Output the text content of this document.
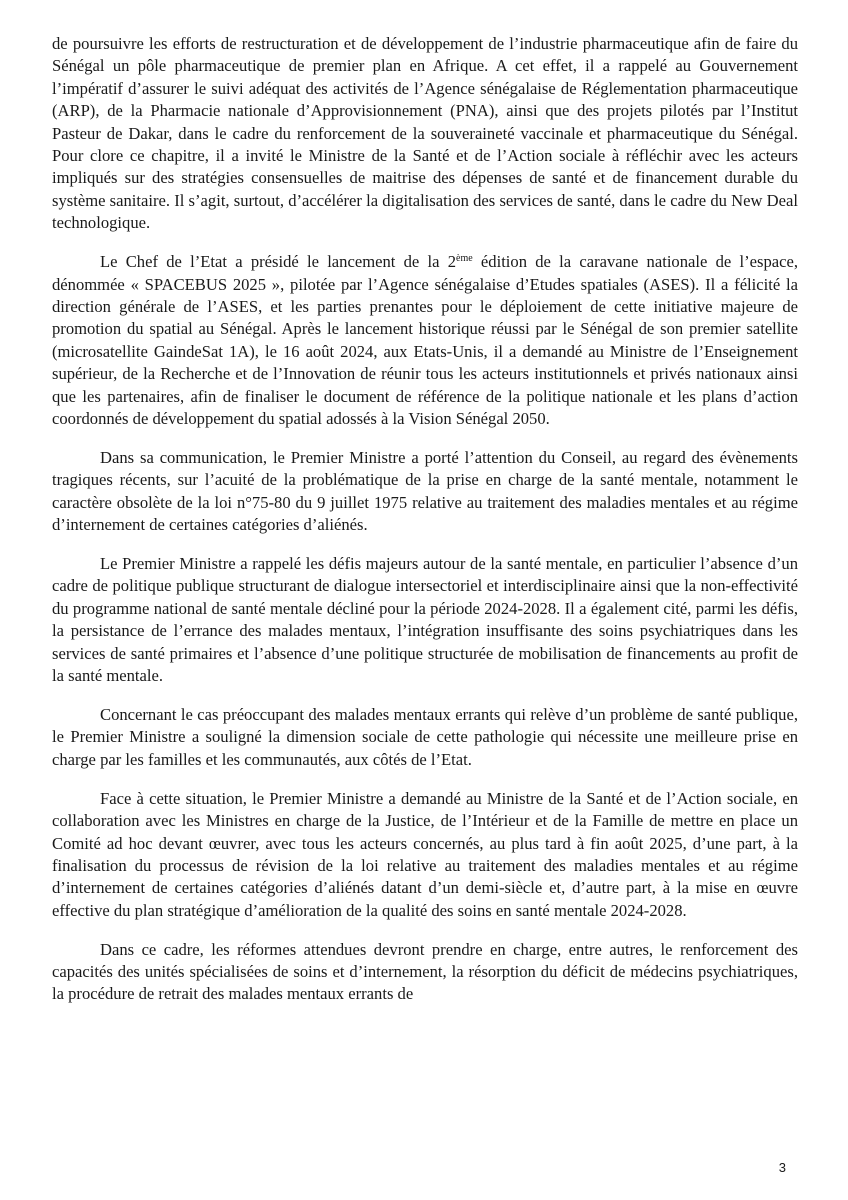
de poursuivre les efforts de restructuration et de développement de l’industrie pharmaceutique afin de faire du Sénégal un pôle pharmaceutique de premier plan en Afrique. A cet effet, il a rappelé au Gouvernement l’impératif d’assurer le suivi adéquat des activités de l’Agence sénégalaise de Réglementation pharmaceutique (ARP), de la Pharmacie nationale d’Approvisionnement (PNA), ainsi que des projets pilotés par l’Institut Pasteur de Dakar, dans le cadre du renforcement de la souveraineté vaccinale et pharmaceutique du Sénégal. Pour clore ce chapitre, il a invité le Ministre de la Santé et de l’Action sociale à réfléchir avec les acteurs impliqués sur des stratégies consensuelles de maitrise des dépenses de santé et de financement durable du système sanitaire. Il s’agit, surtout, d’accélérer la digitalisation des services de santé, dans le cadre du New Deal technologique.

Le Chef de l’Etat a présidé le lancement de la 2ème édition de la caravane nationale de l’espace, dénommée « SPACEBUS 2025 », pilotée par l’Agence sénégalaise d’Etudes spatiales (ASES). Il a félicité la direction générale de l’ASES, et les parties prenantes pour le déploiement de cette initiative majeure de promotion du spatial au Sénégal. Après le lancement historique réussi par le Sénégal de son premier satellite (microsatellite GaindeSat 1A), le 16 août 2024, aux Etats-Unis, il a demandé au Ministre de l’Enseignement supérieur, de la Recherche et de l’Innovation de réunir tous les acteurs institutionnels et privés nationaux ainsi que les partenaires, afin de finaliser le document de référence de la politique nationale et les plans d’action coordonnés de développement du spatial adossés à la Vision Sénégal 2050.

Dans sa communication, le Premier Ministre a porté l’attention du Conseil, au regard des évènements tragiques récents, sur l’acuité de la problématique de la prise en charge de la santé mentale, notamment le caractère obsolète de la loi n°75-80 du 9 juillet 1975 relative au traitement des maladies mentales et au régime d’internement de certaines catégories d’aliénés.

Le Premier Ministre a rappelé les défis majeurs autour de la santé mentale, en particulier l’absence d’un cadre de politique publique structurant de dialogue intersectoriel et interdisciplinaire ainsi que la non-effectivité du programme national de santé mentale décliné pour la période 2024-2028. Il a également cité, parmi les défis, la persistance de l’errance des malades mentaux, l’intégration insuffisante des soins psychiatriques dans les services de santé primaires et l’absence d’une politique structurée de mobilisation de financements au profit de la santé mentale.

Concernant le cas préoccupant des malades mentaux errants qui relève d’un problème de santé publique, le Premier Ministre a souligné la dimension sociale de cette pathologie qui nécessite une meilleure prise en charge par les familles et les communautés, aux côtés de l’Etat.

Face à cette situation, le Premier Ministre a demandé au Ministre de la Santé et de l’Action sociale, en collaboration avec les Ministres en charge de la Justice, de l’Intérieur et de la Famille de mettre en place un Comité ad hoc devant œuvrer, avec tous les acteurs concernés, au plus tard à fin août 2025, d’une part, à la finalisation du processus de révision de la loi relative au traitement des maladies mentales et au régime d’internement de certaines catégories d’aliénés datant d’un demi-siècle et, d’autre part, à la mise en œuvre effective du plan stratégique d’amélioration de la qualité des soins en santé mentale 2024-2028.

Dans ce cadre, les réformes attendues devront prendre en charge, entre autres, le renforcement des capacités des unités spécialisées de soins et d’internement, la résorption du déficit de médecins psychiatriques, la procédure de retrait des malades mentaux errants de

3
